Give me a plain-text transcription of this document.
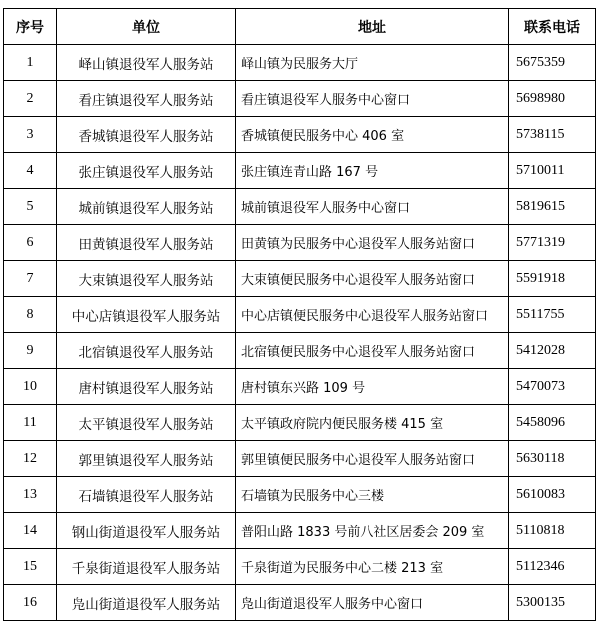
序号	单位	地址	联系电话
1	峄山镇退役军人服务站	峄山镇为民服务大厅	5675359
2	看庄镇退役军人服务站	看庄镇退役军人服务中心窗口	5698980
3	香城镇退役军人服务站	香城镇便民服务中心 406 室	5738115
4	张庄镇退役军人服务站	张庄镇连青山路 167 号	5710011
5	城前镇退役军人服务站	城前镇退役军人服务中心窗口	5819615
6	田黄镇退役军人服务站	田黄镇为民服务中心退役军人服务站窗口	5771319
7	大束镇退役军人服务站	大束镇便民服务中心退役军人服务站窗口	5591918
8	中心店镇退役军人服务站	中心店镇便民服务中心退役军人服务站窗口	5511755
9	北宿镇退役军人服务站	北宿镇便民服务中心退役军人服务站窗口	5412028
10	唐村镇退役军人服务站	唐村镇东兴路 109 号	5470073
11	太平镇退役军人服务站	太平镇政府院内便民服务楼 415 室	5458096
12	郭里镇退役军人服务站	郭里镇便民服务中心退役军人服务站窗口	5630118
13	石墙镇退役军人服务站	石墙镇为民服务中心三楼	5610083
14	钢山街道退役军人服务站	普阳山路 1833 号前八社区居委会 209 室	5110818
15	千泉街道退役军人服务站	千泉街道为民服务中心二楼 213 室	5112346
16	凫山街道退役军人服务站	凫山街道退役军人服务中心窗口	5300135
